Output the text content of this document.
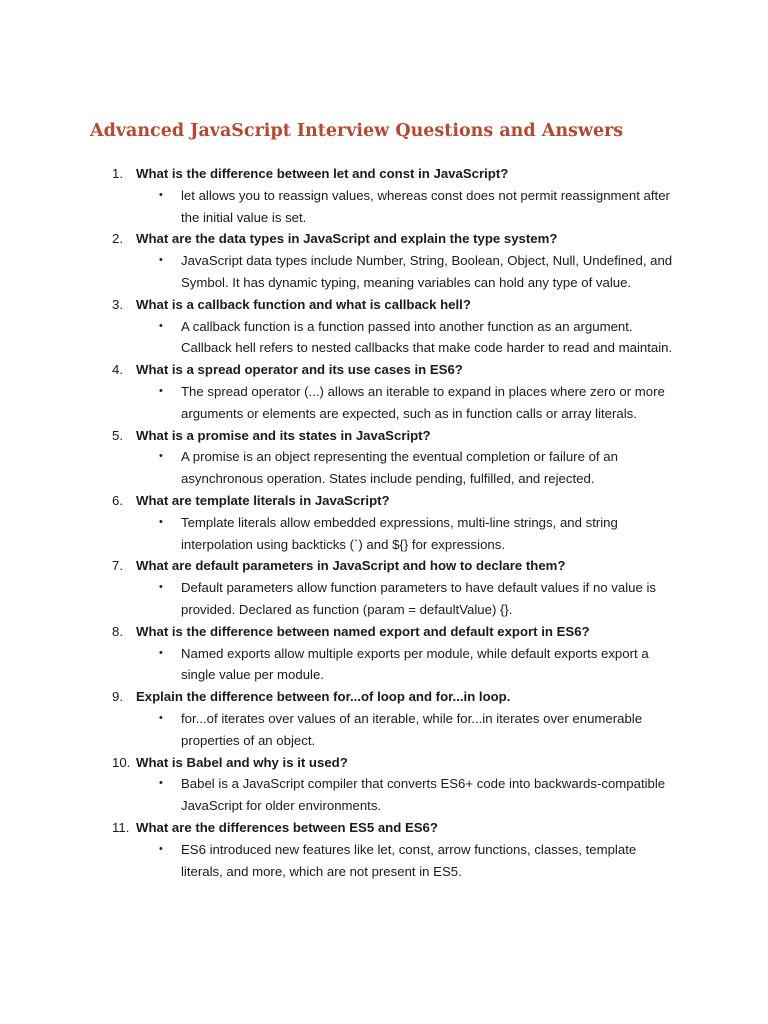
Advanced JavaScript Interview Questions and Answers
1. What is the difference between let and const in JavaScript?
• let allows you to reassign values, whereas const does not permit reassignment after the initial value is set.
2. What are the data types in JavaScript and explain the type system?
• JavaScript data types include Number, String, Boolean, Object, Null, Undefined, and Symbol. It has dynamic typing, meaning variables can hold any type of value.
3. What is a callback function and what is callback hell?
• A callback function is a function passed into another function as an argument. Callback hell refers to nested callbacks that make code harder to read and maintain.
4. What is a spread operator and its use cases in ES6?
• The spread operator (...) allows an iterable to expand in places where zero or more arguments or elements are expected, such as in function calls or array literals.
5. What is a promise and its states in JavaScript?
• A promise is an object representing the eventual completion or failure of an asynchronous operation. States include pending, fulfilled, and rejected.
6. What are template literals in JavaScript?
• Template literals allow embedded expressions, multi-line strings, and string interpolation using backticks (`) and ${} for expressions.
7. What are default parameters in JavaScript and how to declare them?
• Default parameters allow function parameters to have default values if no value is provided. Declared as function (param = defaultValue) {}.
8. What is the difference between named export and default export in ES6?
• Named exports allow multiple exports per module, while default exports export a single value per module.
9. Explain the difference between for...of loop and for...in loop.
• for...of iterates over values of an iterable, while for...in iterates over enumerable properties of an object.
10. What is Babel and why is it used?
• Babel is a JavaScript compiler that converts ES6+ code into backwards-compatible JavaScript for older environments.
11. What are the differences between ES5 and ES6?
• ES6 introduced new features like let, const, arrow functions, classes, template literals, and more, which are not present in ES5.
